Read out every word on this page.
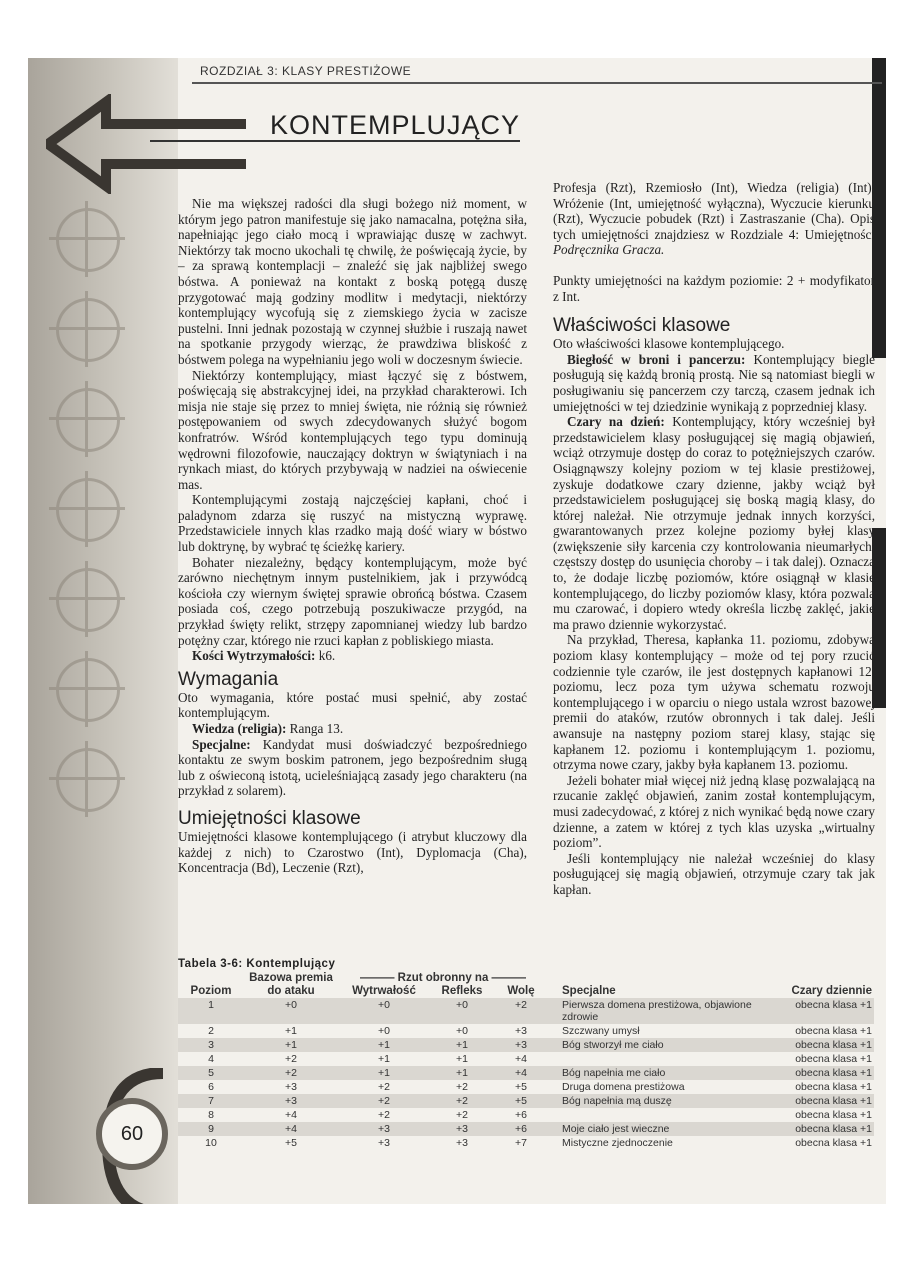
ROZDZIAŁ 3: KLASY PRESTIŻOWE
KONTEMPLUJĄCY

Nie ma większej radości dla sługi bożego niż moment, w którym jego patron manifestuje się jako namacalna, potężna siła, napełniając jego ciało mocą i wprawiając duszę w zachwyt. Niektórzy tak mocno ukochali tę chwilę, że poświęcają życie, by – za sprawą kontemplacji – znaleźć się jak najbliżej swego bóstwa. A ponieważ na kontakt z boską potęgą duszę przygotować mają godziny modlitw i medytacji, niektórzy kontemplujący wycofują się z ziemskiego życia w zacisze pustelni. Inni jednak pozostają w czynnej służbie i ruszają nawet na spotkanie przygody wierząc, że prawdziwa bliskość z bóstwem polega na wypełnianiu jego woli w doczesnym świecie.

Niektórzy kontemplujący, miast łączyć się z bóstwem, poświęcają się abstrakcyjnej idei, na przykład charakterowi. Ich misja nie staje się przez to mniej święta, nie różnią się również postępowaniem od swych zdecydowanych służyć bogom konfratrów. Wśród kontemplujących tego typu dominują wędrowni filozofowie, nauczający doktryn w świątyniach i na rynkach miast, do których przybywają w nadziei na oświecenie mas.

Kontemplującymi zostają najczęściej kapłani, choć i paladynom zdarza się ruszyć na mistyczną wyprawę. Przedstawiciele innych klas rzadko mają dość wiary w bóstwo lub doktrynę, by wybrać tę ścieżkę kariery.

Bohater niezależny, będący kontemplującym, może być zarówno niechętnym innym pustelnikiem, jak i przywódcą kościoła czy wiernym świętej sprawie obrońcą bóstwa. Czasem posiada coś, czego potrzebują poszukiwacze przygód, na przykład święty relikt, strzępy zapomnianej wiedzy lub bardzo potężny czar, którego nie rzuci kapłan z pobliskiego miasta.

Kości Wytrzymałości: k6.

Wymagania

Oto wymagania, które postać musi spełnić, aby zostać kontemplującym.

Wiedza (religia): Ranga 13.

Specjalne: Kandydat musi doświadczyć bezpośredniego kontaktu ze swym boskim patronem, jego bezpośrednim sługą lub z oświeconą istotą, ucieleśniającą zasady jego charakteru (na przykład z solarem).

Umiejętności klasowe

Umiejętności klasowe kontemplującego (i atrybut kluczowy dla każdej z nich) to Czarostwo (Int), Dyplomacja (Cha), Koncentracja (Bd), Leczenie (Rzt),

Profesja (Rzt), Rzemiosło (Int), Wiedza (religia) (Int), Wróżenie (Int, umiejętność wyłączna), Wyczucie kierunku (Rzt), Wyczucie pobudek (Rzt) i Zastraszanie (Cha). Opis tych umiejętności znajdziesz w Rozdziale 4: Umiejętności Podręcznika Gracza.

Punkty umiejętności na każdym poziomie: 2 + modyfikator z Int.

Właściwości klasowe

Oto właściwości klasowe kontemplującego.

Biegłość w broni i pancerzu: Kontemplujący biegle posługują się każdą bronią prostą. Nie są natomiast biegli w posługiwaniu się pancerzem czy tarczą, czasem jednak ich umiejętności w tej dziedzinie wynikają z poprzedniej klasy.

Czary na dzień: Kontemplujący, który wcześniej był przedstawicielem klasy posługującej się magią objawień, wciąż otrzymuje dostęp do coraz to potężniejszych czarów. Osiągnąwszy kolejny poziom w tej klasie prestiżowej, zyskuje dodatkowe czary dzienne, jakby wciąż był przedstawicielem posługującej się boską magią klasy, do której należał. Nie otrzymuje jednak innych korzyści, gwarantowanych przez kolejne poziomy byłej klasy (zwiększenie siły karcenia czy kontrolowania nieumarłych, częstszy dostęp do usunięcia choroby – i tak dalej). Oznacza to, że dodaje liczbę poziomów, które osiągnął w klasie kontemplującego, do liczby poziomów klasy, która pozwala mu czarować, i dopiero wtedy określa liczbę zaklęć, jakie ma prawo dziennie wykorzystać.

Na przykład, Theresa, kapłanka 11. poziomu, zdobywa poziom klasy kontemplujący – może od tej pory rzucić codziennie tyle czarów, ile jest dostępnych kapłanowi 12. poziomu, lecz poza tym używa schematu rozwoju kontemplującego i w oparciu o niego ustala wzrost bazowej premii do ataków, rzutów obronnych i tak dalej. Jeśli awansuje na następny poziom starej klasy, stając się kapłanem 12. poziomu i kontemplującym 1. poziomu, otrzyma nowe czary, jakby była kapłanem 13. poziomu.

Jeżeli bohater miał więcej niż jedną klasę pozwalającą na rzucanie zaklęć objawień, zanim został kontemplującym, musi zadecydować, z której z nich wynikać będą nowe czary dzienne, a zatem w której z tych klas uzyska „wirtualny poziom”.

Jeśli kontemplujący nie należał wcześniej do klasy posługującej się magią objawień, otrzymuje czary tak jak kapłan.

Tabela 3-6: Kontemplujący
	Bazowa premia	——— Rzut obronny na ———				
Poziom	do ataku	Wytrwałość	Refleks	Wolę	Specjalne	Czary dziennie
1	+0	+0	+0	+2	Pierwsza domena prestiżowa, objawione zdrowie	obecna klasa +1
2	+1	+0	+0	+3	Szczwany umysł	obecna klasa +1
3	+1	+1	+1	+3	Bóg stworzył me ciało	obecna klasa +1
4	+2	+1	+1	+4		obecna klasa +1
5	+2	+1	+1	+4	Bóg napełnia me ciało	obecna klasa +1
6	+3	+2	+2	+5	Druga domena prestiżowa	obecna klasa +1
7	+3	+2	+2	+5	Bóg napełnia mą duszę	obecna klasa +1
8	+4	+2	+2	+6		obecna klasa +1
9	+4	+3	+3	+6	Moje ciało jest wieczne	obecna klasa +1
10	+5	+3	+3	+7	Mistyczne zjednoczenie	obecna klasa +1
60
